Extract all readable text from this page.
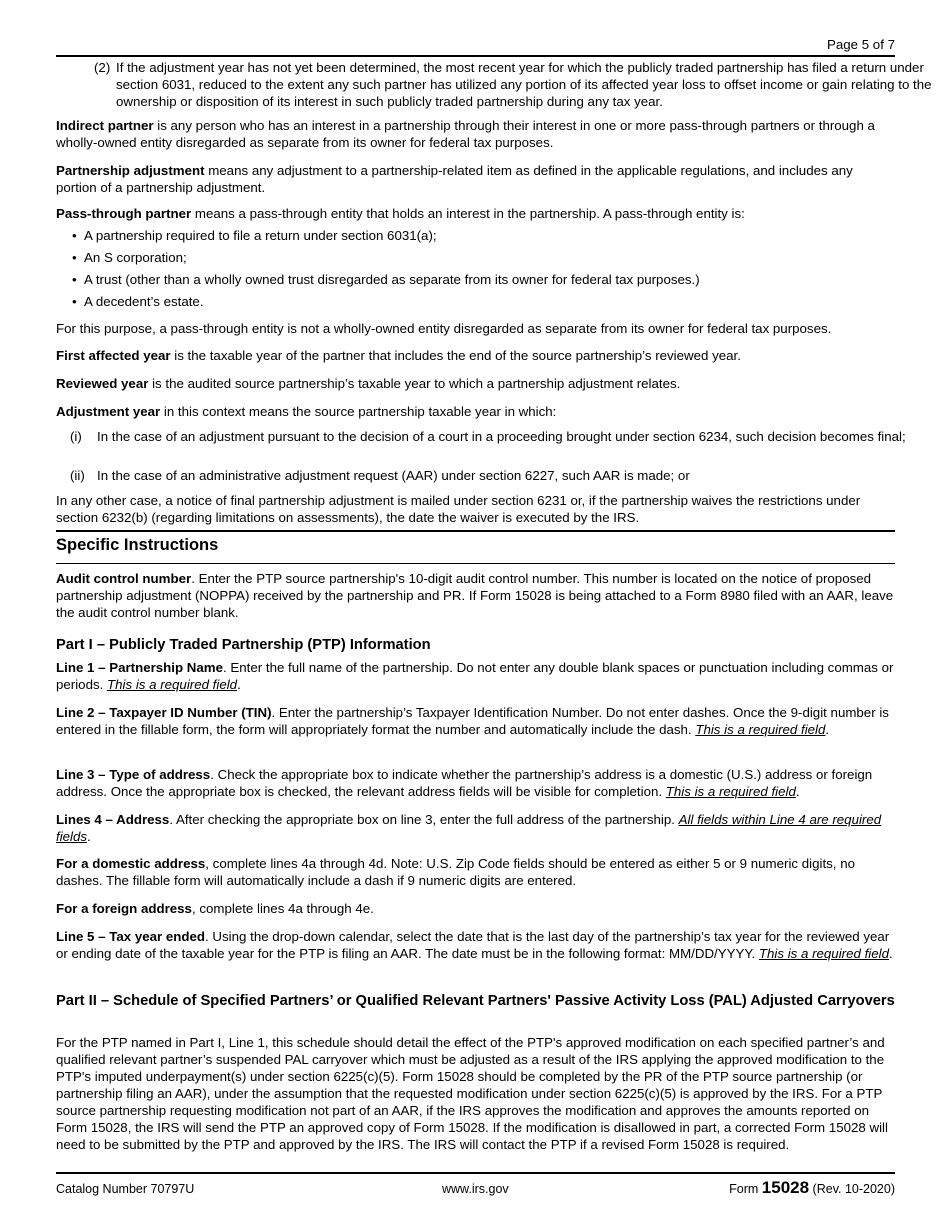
Page 5 of 7
(2) If the adjustment year has not yet been determined, the most recent year for which the publicly traded partnership has filed a return under section 6031, reduced to the extent any such partner has utilized any portion of its affected year loss to offset income or gain relating to the ownership or disposition of its interest in such publicly traded partnership during any tax year.

Indirect partner is any person who has an interest in a partnership through their interest in one or more pass-through partners or through a wholly-owned entity disregarded as separate from its owner for federal tax purposes.

Partnership adjustment means any adjustment to a partnership-related item as defined in the applicable regulations, and includes any portion of a partnership adjustment.

Pass-through partner means a pass-through entity that holds an interest in the partnership. A pass-through entity is:

• A partnership required to file a return under section 6031(a);
• An S corporation;
• A trust (other than a wholly owned trust disregarded as separate from its owner for federal tax purposes.)
• A decedent’s estate.

For this purpose, a pass-through entity is not a wholly-owned entity disregarded as separate from its owner for federal tax purposes.

First affected year is the taxable year of the partner that includes the end of the source partnership’s reviewed year.

Reviewed year is the audited source partnership’s taxable year to which a partnership adjustment relates.

Adjustment year in this context means the source partnership taxable year in which:

(i) In the case of an adjustment pursuant to the decision of a court in a proceeding brought under section 6234, such decision becomes final;
(ii) In the case of an administrative adjustment request (AAR) under section 6227, such AAR is made; or

In any other case, a notice of final partnership adjustment is mailed under section 6231 or, if the partnership waives the restrictions under section 6232(b) (regarding limitations on assessments), the date the waiver is executed by the IRS.

Specific Instructions

Audit control number. Enter the PTP source partnership's 10-digit audit control number. This number is located on the notice of proposed partnership adjustment (NOPPA) received by the partnership and PR. If Form 15028 is being attached to a Form 8980 filed with an AAR, leave the audit control number blank.

Part I – Publicly Traded Partnership (PTP) Information

Line 1 – Partnership Name. Enter the full name of the partnership. Do not enter any double blank spaces or punctuation including commas or periods. This is a required field.

Line 2 – Taxpayer ID Number (TIN). Enter the partnership’s Taxpayer Identification Number. Do not enter dashes. Once the 9-digit number is entered in the fillable form, the form will appropriately format the number and automatically include the dash. This is a required field.

Line 3 – Type of address. Check the appropriate box to indicate whether the partnership’s address is a domestic (U.S.) address or foreign address. Once the appropriate box is checked, the relevant address fields will be visible for completion. This is a required field.

Lines 4 – Address. After checking the appropriate box on line 3, enter the full address of the partnership. All fields within Line 4 are required fields.

For a domestic address, complete lines 4a through 4d. Note: U.S. Zip Code fields should be entered as either 5 or 9 numeric digits, no dashes. The fillable form will automatically include a dash if 9 numeric digits are entered.

For a foreign address, complete lines 4a through 4e.

Line 5 – Tax year ended. Using the drop-down calendar, select the date that is the last day of the partnership’s tax year for the reviewed year or ending date of the taxable year for the PTP is filing an AAR. The date must be in the following format: MM/DD/YYYY. This is a required field.

Part II – Schedule of Specified Partners’ or Qualified Relevant Partners' Passive Activity Loss (PAL) Adjusted Carryovers

For the PTP named in Part I, Line 1, this schedule should detail the effect of the PTP's approved modification on each specified partner’s and qualified relevant partner’s suspended PAL carryover which must be adjusted as a result of the IRS applying the approved modification to the PTP's imputed underpayment(s) under section 6225(c)(5). Form 15028 should be completed by the PR of the PTP source partnership (or partnership filing an AAR), under the assumption that the requested modification under section 6225(c)(5) is approved by the IRS. For a PTP source partnership requesting modification not part of an AAR, if the IRS approves the modification and approves the amounts reported on Form 15028, the IRS will send the PTP an approved copy of Form 15028. If the modification is disallowed in part, a corrected Form 15028 will need to be submitted by the PTP and approved by the IRS. The IRS will contact the PTP if a revised Form 15028 is required.

Catalog Number 70797U	www.irs.gov	Form 15028 (Rev. 10-2020)
